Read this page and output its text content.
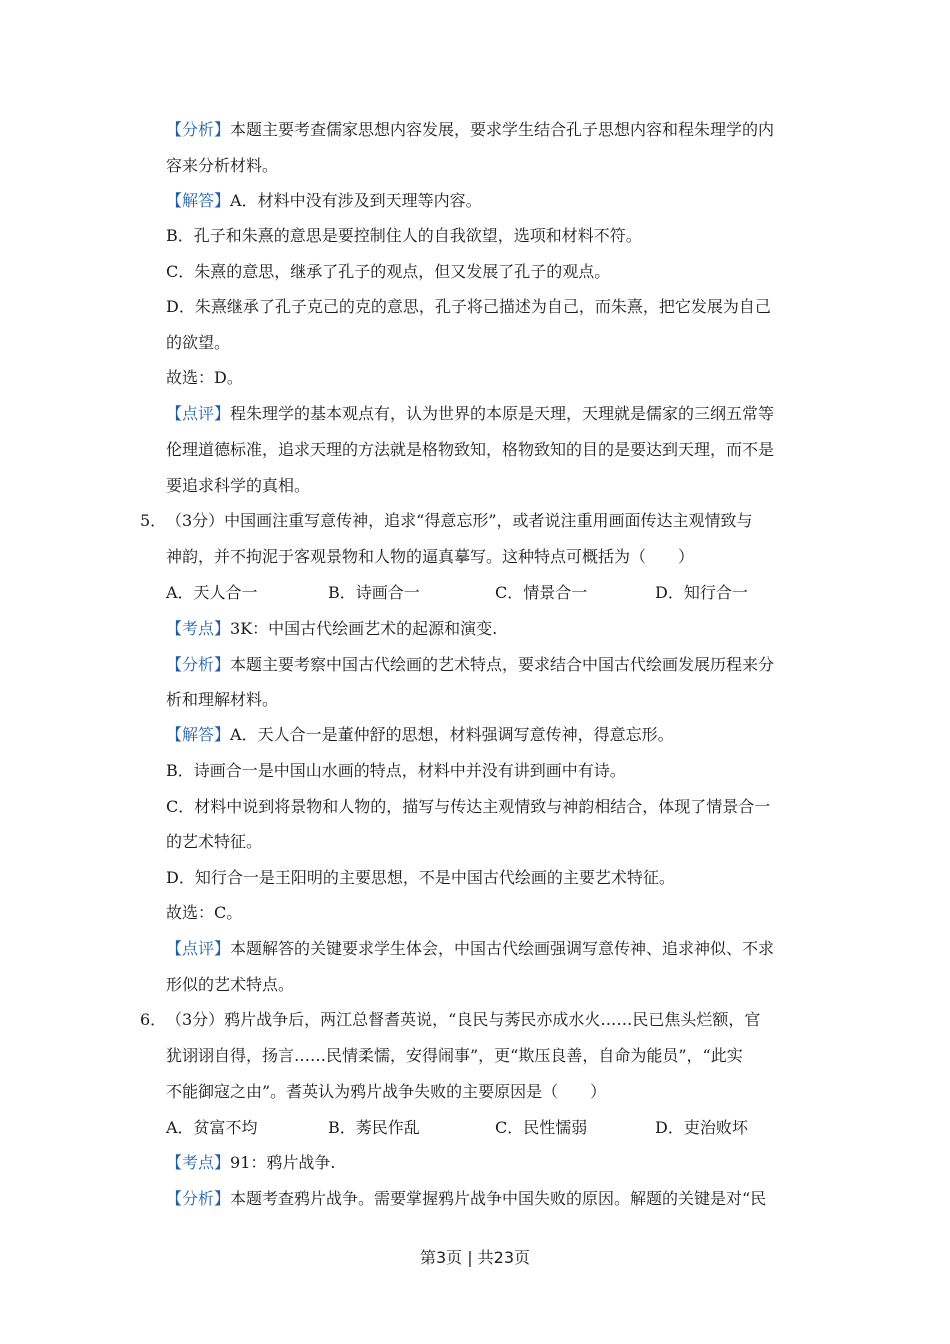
【分析】本题主要考查儒家思想内容发展，要求学生结合孔子思想内容和程朱理学的内
容来分析材料。
【解答】A．材料中没有涉及到天理等内容。
B．孔子和朱熹的意思是要控制住人的自我欲望，选项和材料不符。
C．朱熹的意思，继承了孔子的观点，但又发展了孔子的观点。
D．朱熹继承了孔子克己的克的意思，孔子将己描述为自己，而朱熹，把它发展为自己
的欲望。
故选：D。
【点评】程朱理学的基本观点有，认为世界的本原是天理，天理就是儒家的三纲五常等
伦理道德标准，追求天理的方法就是格物致知，格物致知的目的是要达到天理，而不是
要追求科学的真相。
5． （3分）中国画注重写意传神，追求“得意忘形”，或者说注重用画面传达主观情致与
神韵，并不拘泥于客观景物和人物的逼真摹写。这种特点可概括为（　　）
A．天人合一	B．诗画合一	C．情景合一	D．知行合一
【考点】3K：中国古代绘画艺术的起源和演变.
【分析】本题主要考察中国古代绘画的艺术特点，要求结合中国古代绘画发展历程来分
析和理解材料。
【解答】A．天人合一是董仲舒的思想，材料强调写意传神，得意忘形。
B．诗画合一是中国山水画的特点，材料中并没有讲到画中有诗。
C．材料中说到将景物和人物的，描写与传达主观情致与神韵相结合，体现了情景合一
的艺术特征。
D．知行合一是王阳明的主要思想，不是中国古代绘画的主要艺术特征。
故选：C。
【点评】本题解答的关键要求学生体会，中国古代绘画强调写意传神、追求神似、不求
形似的艺术特点。
6． （3分）鸦片战争后，两江总督耆英说，“良民与莠民亦成水火……民已焦头烂额，官
犹诩诩自得，扬言……民情柔懦，安得闹事”，更“欺压良善，自命为能员”，“此实
不能御寇之由”。耆英认为鸦片战争失败的主要原因是（　　）
A．贫富不均	B．莠民作乱	C．民性懦弱	D．吏治败坏
【考点】91：鸦片战争.
【分析】本题考查鸦片战争。需要掌握鸦片战争中国失败的原因。解题的关键是对“民
第3页 | 共23页
